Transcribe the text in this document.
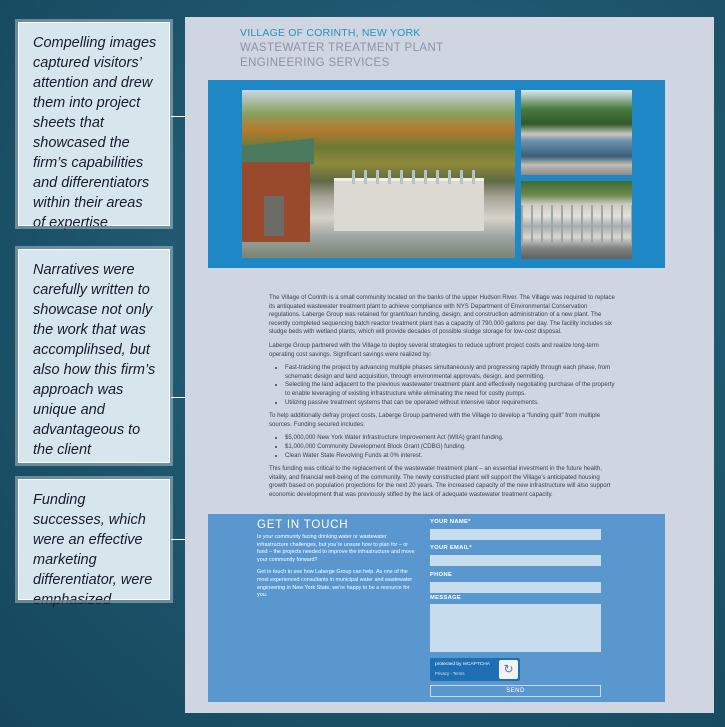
Compelling images captured visitors’ attention and drew them into project sheets that showcased the firm’s capabilities and differentiators within their areas of expertise
Narratives were carefully written to showcase not only the work that was accomplihsed, but also how this firm’s approach was unique and advantageous to the client
Funding successes, which were an effective marketing differentiator, were emphasized
VILLAGE OF CORINTH, NEW YORK
WASTEWATER TREATMENT PLANT
ENGINEERING SERVICES

The Village of Corinth is a small community located on the banks of the upper Hudson River. The Village was required to replace its antiquated wastewater treatment plant to achieve compliance with NYS Department of Environmental Conservation regulations. Laberge Group was retained for grant/loan funding, design, and construction administration of a new plant. The recently completed sequencing batch reactor treatment plant has a capacity of 790,000 gallons per day. The facility includes six sludge beds with wetland plants, which will provide decades of possible sludge storage for low-cost disposal.

Laberge Group partnered with the Village to deploy several strategies to reduce upfront project costs and realize long-term operating cost savings. Significant savings were realized by:

• Fast-tracking the project by advancing multiple phases simultaneously and progressing rapidly through each phase, from schematic design and land acquisition, through environmental approvals, design, and permitting.
• Selecting the land adjacent to the previous wastewater treatment plant and effectively negotiating purchase of the property to enable leveraging of existing infrastructure while eliminating the need for costly pumps.
• Utilizing passive treatment systems that can be operated without intensive labor requirements.

To help additionally defray project costs, Laberge Group partnered with the Village to develop a “funding quilt” from multiple sources. Funding secured includes:

• $5,000,000 New York Water Infrastructure Improvement Act (WIIA) grant funding.
• $1,000,000 Community Development Block Grant (CDBG) funding.
• Clean Water State Revolving Funds at 0% interest.

This funding was critical to the replacement of the wastewater treatment plant – an essential investment in the future health, vitality, and financial well-being of the community. The newly constructed plant will support the Village’s anticipated housing growth based on population projections for the next 20 years. The increased capacity of the new infrastructure will also support economic development that was previously stifled by the lack of adequate wastewater treatment capacity.

GET IN TOUCH

Is your community facing drinking water or wastewater infrastructure challenges, but you’re unsure how to plan for – or fund – the projects needed to improve the infrastructure and move your community forward?

Get in touch to see how Laberge Group can help. As one of the most experienced consultants in municipal water and wastewater engineering in New York State, we’re happy to be a resource for you.

YOUR NAME*
YOUR EMAIL*
PHONE
MESSAGE
protected by reCAPTCHA
Privacy - Terms	↻
SEND
